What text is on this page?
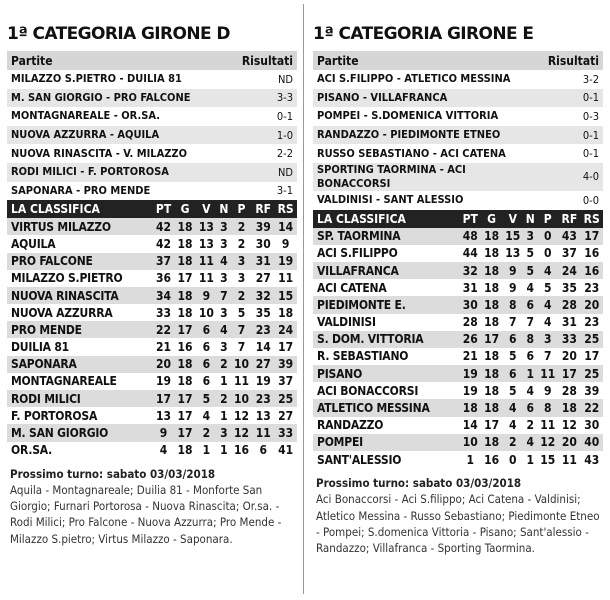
1ª CATEGORIA GIRONE D
Partite	Risultati
MILAZZO S.PIETRO - DUILIA 81	ND
M. SAN GIORGIO - PRO FALCONE	3-3
MONTAGNAREALE - OR.SA.	0-1
NUOVA AZZURRA - AQUILA	1-0
NUOVA RINASCITA - V. MILAZZO	2-2
RODI MILICI - F. PORTOROSA	ND
SAPONARA - PRO MENDE	3-1
LA CLASSIFICA	PT	G	V	N	P	RF	RS
VIRTUS MILAZZO	42	18	13	3	2	39	14
AQUILA	42	18	13	3	2	30	9
PRO FALCONE	37	18	11	4	3	31	19
MILAZZO S.PIETRO	36	17	11	3	3	27	11
NUOVA RINASCITA	34	18	9	7	2	32	15
NUOVA AZZURRA	33	18	10	3	5	35	18
PRO MENDE	22	17	6	4	7	23	24
DUILIA 81	21	16	6	3	7	14	17
SAPONARA	20	18	6	2	10	27	39
MONTAGNAREALE	19	18	6	1	11	19	37
RODI MILICI	17	17	5	2	10	23	25
F. PORTOROSA	13	17	4	1	12	13	27
M. SAN GIORGIO	9	17	2	3	12	11	33
OR.SA.	4	18	1	1	16	6	41
Prossimo turno: sabato 03/03/2018
Aquila - Montagnareale; Duilia 81 - Monforte San Giorgio; Furnari Portorosa - Nuova Rinascita; Or.sa. - Rodi Milici; Pro Falcone - Nuova Azzurra; Pro Mende - Milazzo S.pietro; Virtus Milazzo - Saponara.
1ª CATEGORIA GIRONE E
Partite	Risultati
ACI S.FILIPPO - ATLETICO MESSINA	3-2
PISANO - VILLAFRANCA	0-1
POMPEI - S.DOMENICA VITTORIA	0-3
RANDAZZO - PIEDIMONTE ETNEO	0-1
RUSSO SEBASTIANO - ACI CATENA	0-1
SPORTING TAORMINA - ACI BONACCORSI	4-0
VALDINISI - SANT ALESSIO	0-0
LA CLASSIFICA	PT	G	V	N	P	RF	RS
SP. TAORMINA	48	18	15	3	0	43	17
ACI S.FILIPPO	44	18	13	5	0	37	16
VILLAFRANCA	32	18	9	5	4	24	16
ACI CATENA	31	18	9	4	5	35	23
PIEDIMONTE E.	30	18	8	6	4	28	20
VALDINISI	28	18	7	7	4	31	23
S. DOM. VITTORIA	26	17	6	8	3	33	25
R. SEBASTIANO	21	18	5	6	7	20	17
PISANO	19	18	6	1	11	17	25
ACI BONACCORSI	19	18	5	4	9	28	39
ATLETICO MESSINA	18	18	4	6	8	18	22
RANDAZZO	14	17	4	2	11	12	30
POMPEI	10	18	2	4	12	20	40
SANT'ALESSIO	1	16	0	1	15	11	43
Prossimo turno: sabato 03/03/2018
Aci Bonaccorsi - Aci S.filippo; Aci Catena - Valdinisi; Atletico Messina - Russo Sebastiano; Piedimonte Etneo - Pompei; S.domenica Vittoria - Pisano; Sant'alessio - Randazzo; Villafranca - Sporting Taormina.
